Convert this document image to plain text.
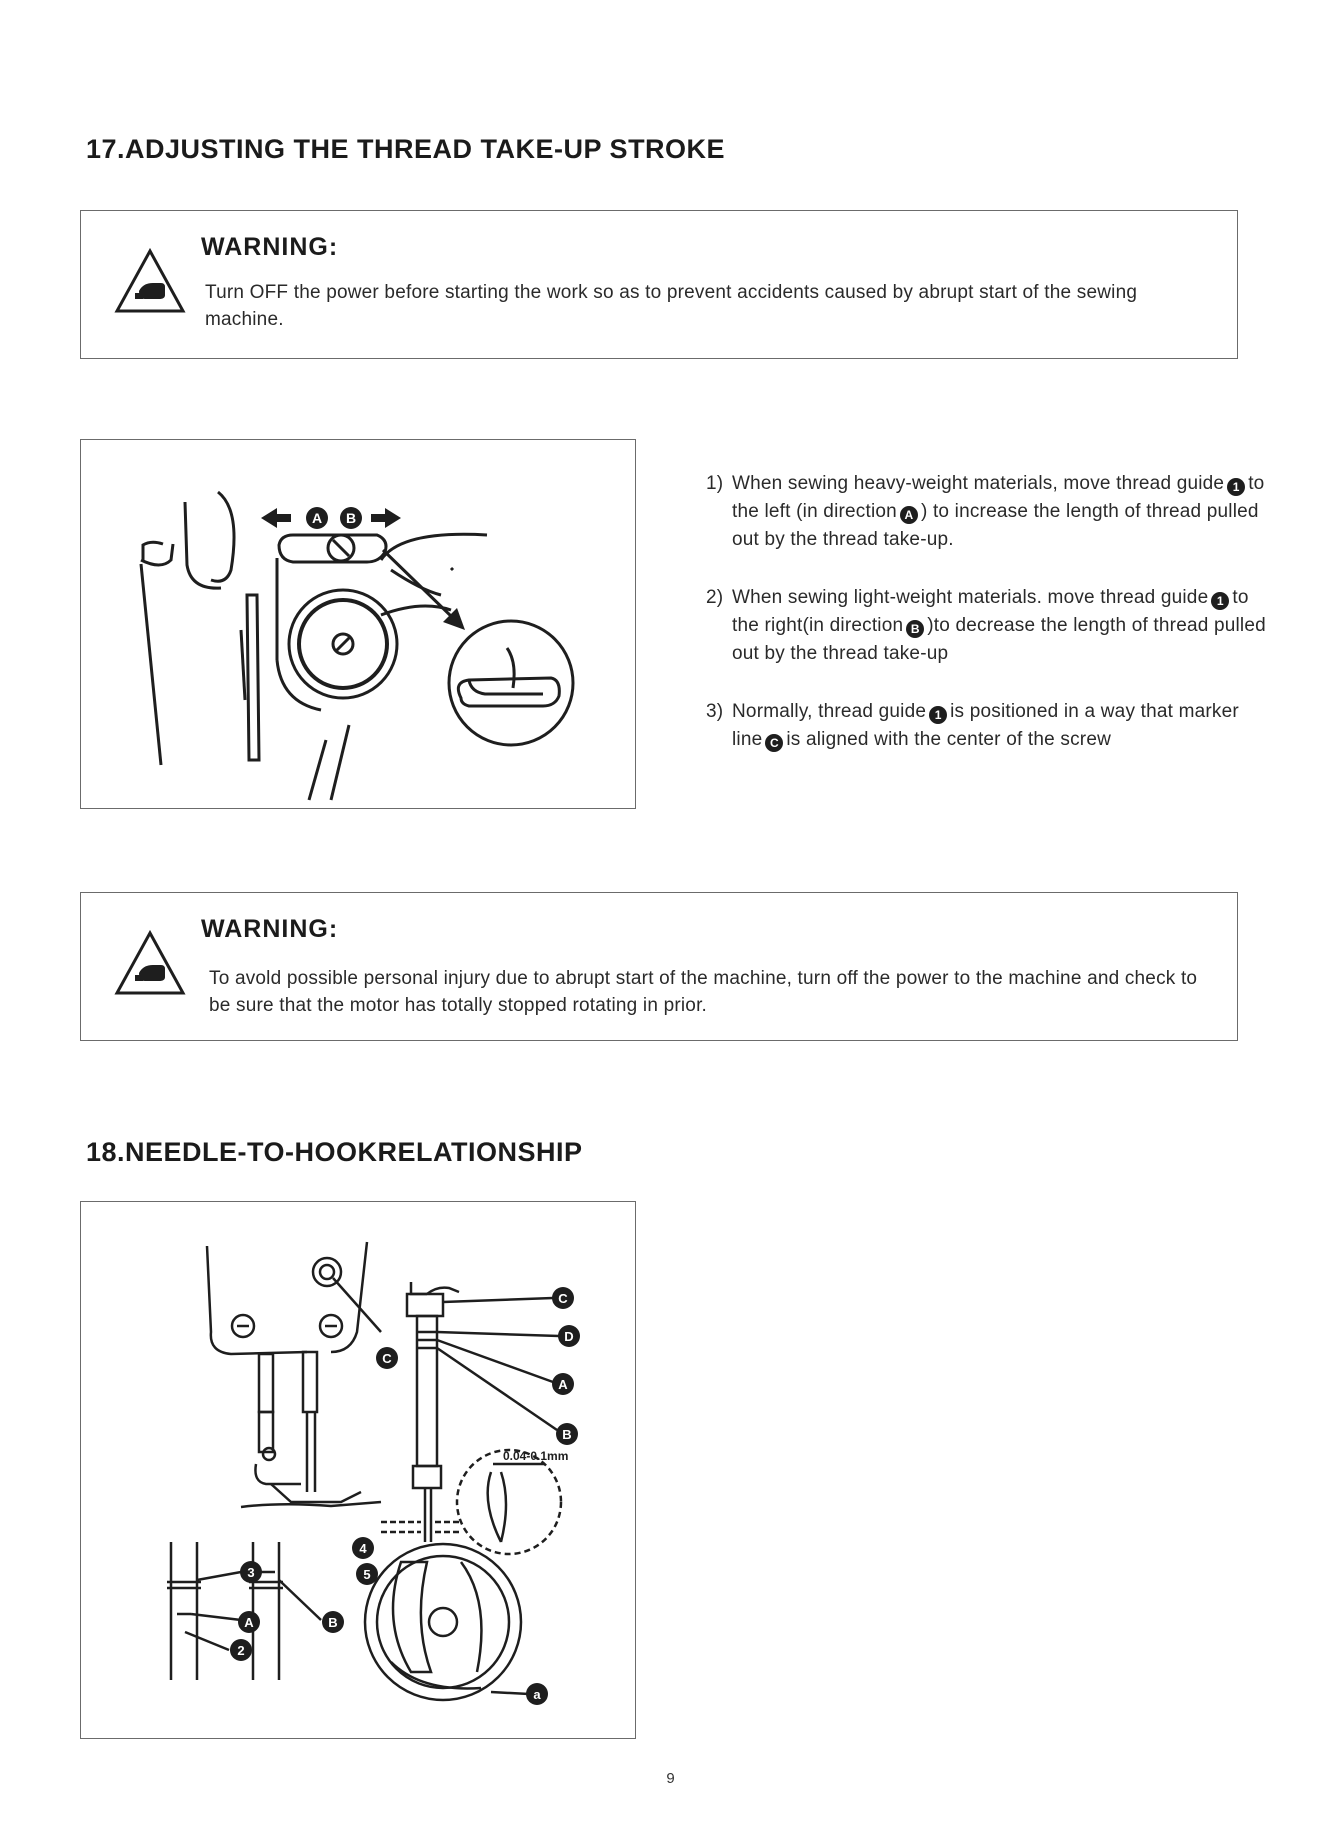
17.ADJUSTING THE THREAD TAKE-UP STROKE
WARNING:
Turn OFF the power before starting the work so as to prevent accidents caused by abrupt start of the sewing machine.
A B
1) When sewing heavy-weight materials, move thread guide 1 to the left (in direction A ) to increase the length of thread pulled out by the thread take-up.
2) When sewing light-weight materials. move thread guide 1 to the right(in direction B )to decrease the length of thread pulled out by the thread take-up
3) Normally, thread guide 1 is positioned in a way that marker line C is aligned with the center of the screw
WARNING:
To avold possible personal injury due to abrupt start of the machine, turn off the power to the machine and check to be sure that the motor has totally stopped rotating in prior.
18.NEEDLE-TO-HOOKRELATIONSHIP
C
C
D
A
B
4
5
3
A
2
B
a
0.04-0.1mm
9
